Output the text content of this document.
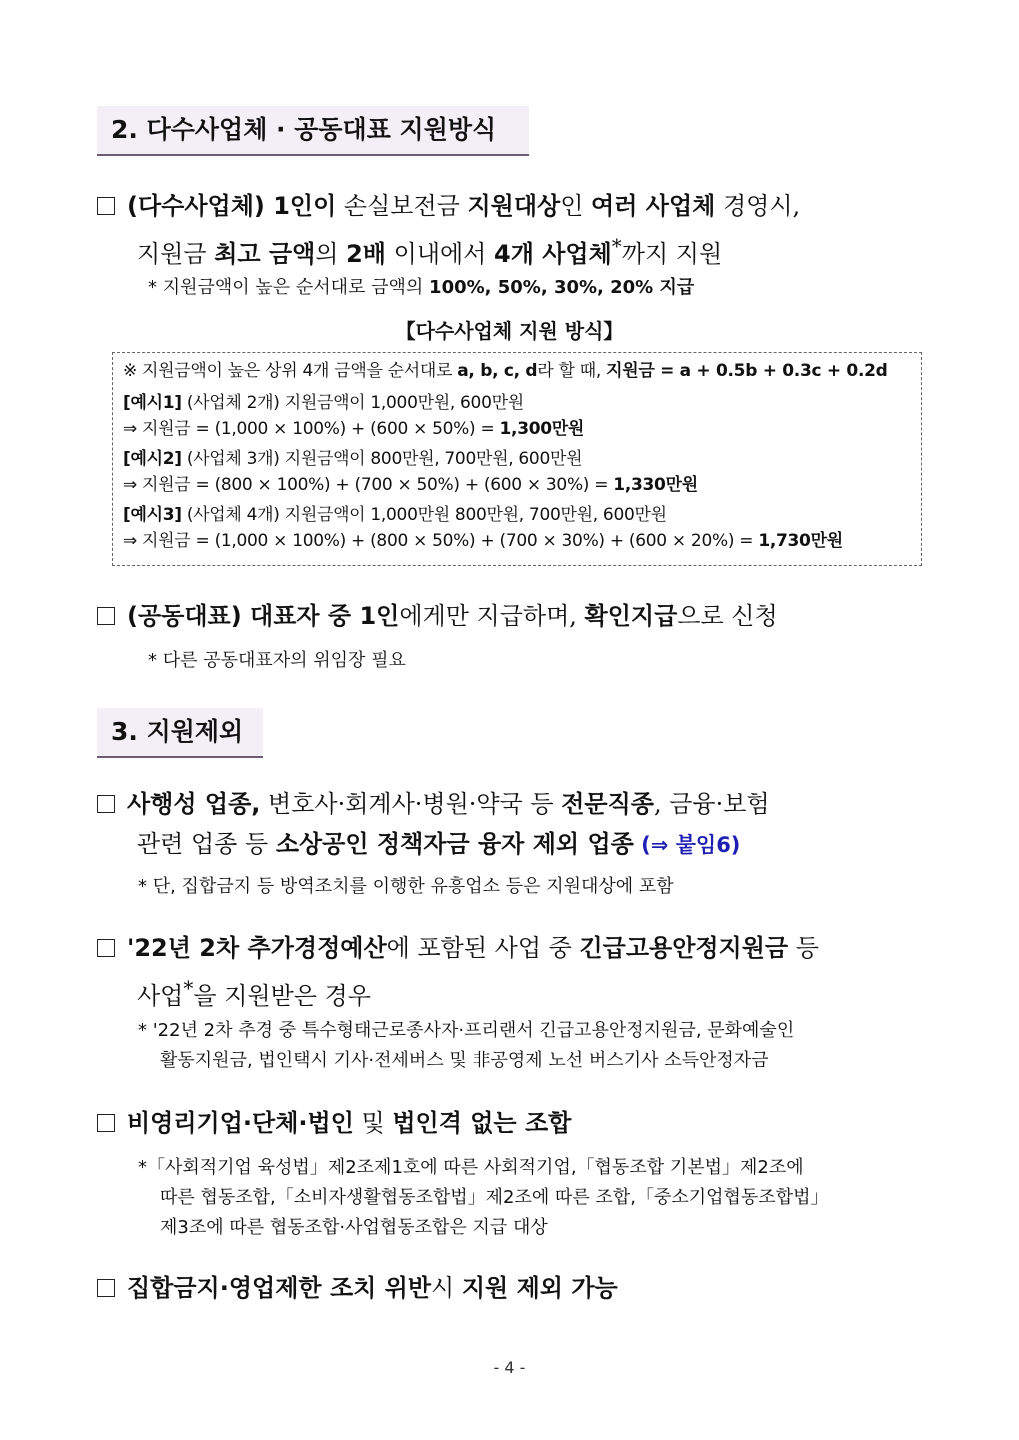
2. 다수사업체 · 공동대표 지원방식
(다수사업체) 1인이 손실보전금 지원대상인 여러 사업체 경영시,
지원금 최고 금액의 2배 이내에서 4개 사업체*까지 지원
* 지원금액이 높은 순서대로 금액의 100%, 50%, 30%, 20% 지급
【다수사업체 지원 방식】
※ 지원금액이 높은 상위 4개 금액을 순서대로 a, b, c, d라 할 때, 지원금 = a + 0.5b + 0.3c + 0.2d
[예시1] (사업체 2개) 지원금액이 1,000만원, 600만원
⇒ 지원금 = (1,000 × 100%) + (600 × 50%) = 1,300만원
[예시2] (사업체 3개) 지원금액이 800만원, 700만원, 600만원
⇒ 지원금 = (800 × 100%) + (700 × 50%) + (600 × 30%) = 1,330만원
[예시3] (사업체 4개) 지원금액이 1,000만원 800만원, 700만원, 600만원
⇒ 지원금 = (1,000 × 100%) + (800 × 50%) + (700 × 30%) + (600 × 20%) = 1,730만원
(공동대표) 대표자 중 1인에게만 지급하며, 확인지급으로 신청
* 다른 공동대표자의 위임장 필요
3. 지원제외
사행성 업종, 변호사·회계사·병원·약국 등 전문직종, 금융·보험
관련 업종 등 소상공인 정책자금 융자 제외 업종 (⇒ 붙임6)
* 단, 집합금지 등 방역조치를 이행한 유흥업소 등은 지원대상에 포함
'22년 2차 추가경정예산에 포함된 사업 중 긴급고용안정지원금 등
사업*을 지원받은 경우
* '22년 2차 추경 중 특수형태근로종사자·프리랜서 긴급고용안정지원금, 문화예술인
활동지원금, 법인택시 기사·전세버스 및 非공영제 노선 버스기사 소득안정자금
비영리기업·단체·법인 및 법인격 없는 조합
*「사회적기업 육성법」제2조제1호에 따른 사회적기업,「협동조합 기본법」제2조에
따른 협동조합,「소비자생활협동조합법」제2조에 따른 조합,「중소기업협동조합법」
제3조에 따른 협동조합·사업협동조합은 지급 대상
집합금지·영업제한 조치 위반시 지원 제외 가능
- 4 -
